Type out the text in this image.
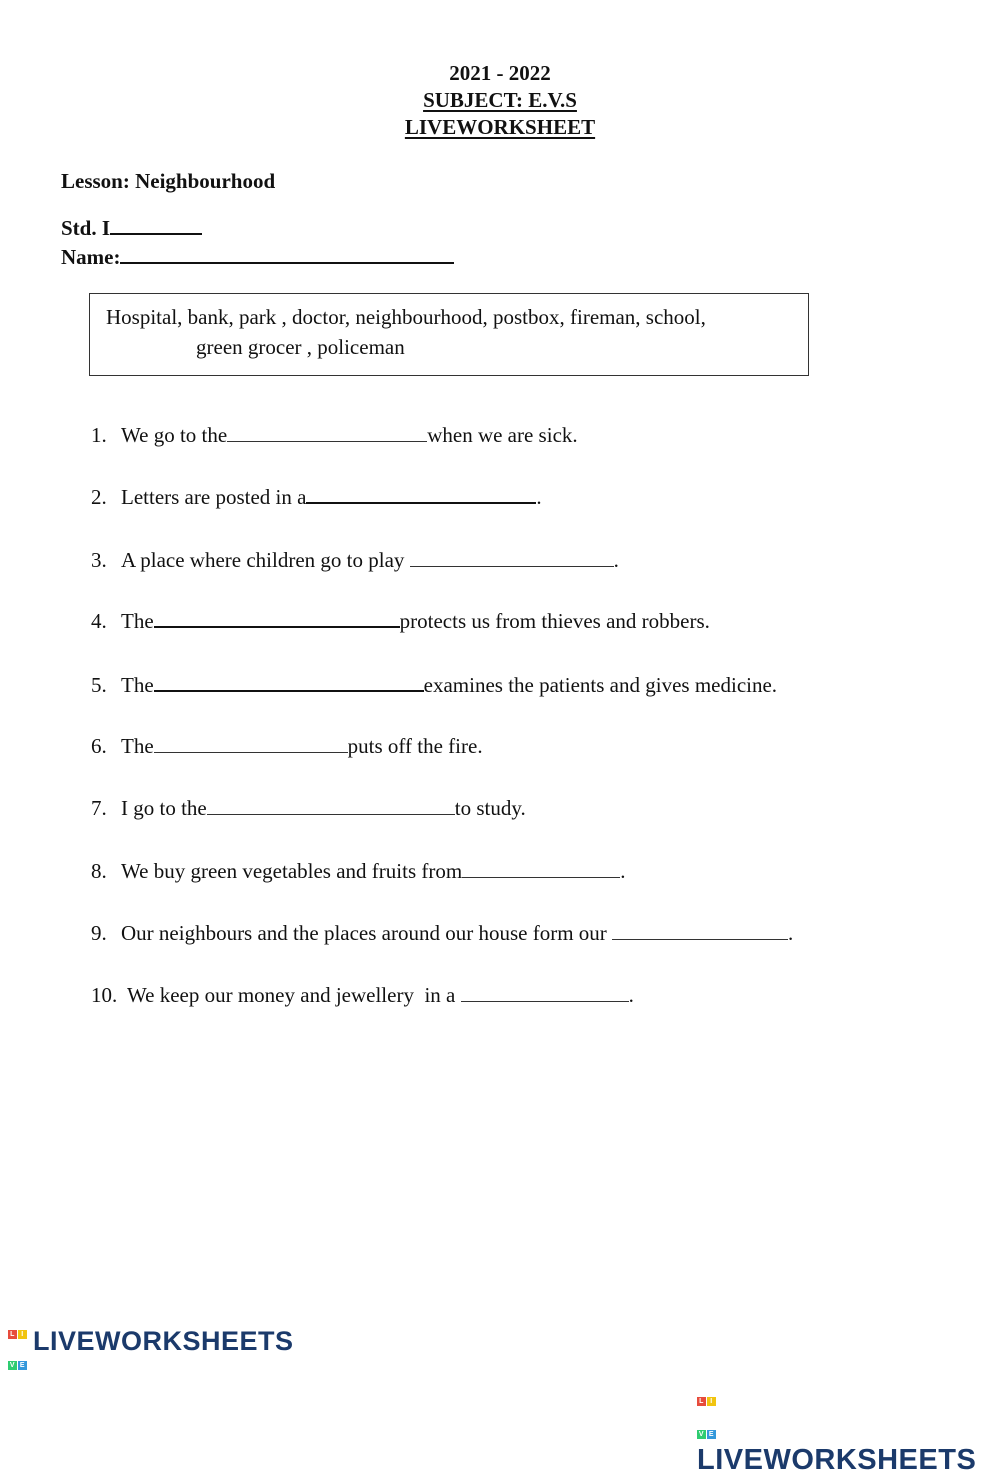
2021 - 2022
SUBJECT: E.V.S
LIVEWORKSHEET
Lesson: Neighbourhood
Std. I
Name:
Hospital, bank, park , doctor, neighbourhood, postbox, fireman, school,
green grocer , policeman
1. We go to the	when we are sick.
2. Letters are posted in a	.
3. A place where children go to play	.
4. The	protects us from thieves and robbers.
5. The	examines the patients and gives medicine.
6. The	puts off the fire.
7. I go to the	to study.
8. We buy green vegetables and fruits from	.
9. Our neighbours and the places around our house form our	.
10. We keep our money and jewellery  in a	.
L IV ELIVEWORKSHEETS
L IV ELIVEWORKSHEETS
